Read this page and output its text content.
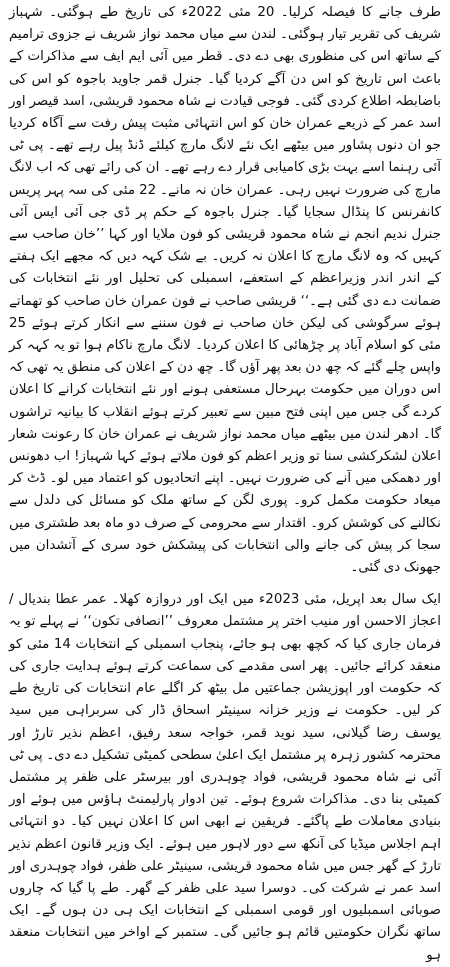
طرف جانے کا فیصلہ کرلیا۔ 20 مئی 2022ء کی تاریخ طے ہوگئی۔ شہباز شریف کی تقریر تیار ہوگئی۔ لندن سے میاں محمد نواز شریف نے جزوی ترامیم کے ساتھ اس کی منظوری بھی دے دی۔ قطر میں آئی ایم ایف سے مذاکرات کے باعث اس تاریخ کو اس دن آگے کردیا گیا۔ جنرل قمر جاوید باجوہ کو اس کی باضابطہ اطلاع کردی گئی۔ فوجی قیادت نے شاہ محمود قریشی، اسد قیصر اور اسد عمر کے ذریعے عمران خان کو اس انتہائی مثبت پیش رفت سے آگاہ کردیا جو ان دنوں پشاور میں بیٹھے ایک نئے لانگ مارچ کیلئے ڈنڈ پیل رہے تھے۔ پی ٹی آئی رہنما اسے بہت بڑی کامیابی قرار دے رہے تھے۔ ان کی رائے تھی کہ اب لانگ مارچ کی ضرورت نہیں رہی۔ عمران خان نہ مانے۔ 22 مئی کی سہ پہر پریس کانفرنس کا پنڈال سجایا گیا۔ جنرل باجوہ کے حکم پر ڈی جی آئی ایس آئی جنرل ندیم انجم نے شاہ محمود قریشی کو فون ملایا اور کہا ’’خان صاحب سے کہیں کہ وہ لانگ مارچ کا اعلان نہ کریں۔ بے شک کہہ دیں کہ مجھے ایک ہفتے کے اندر اندر وزیراعظم کے استعفے، اسمبلی کی تحلیل اور نئے انتخابات کی ضمانت دے دی گئی ہے۔‘‘ قریشی صاحب نے فون عمران خان صاحب کو تھماتے ہوئے سرگوشی کی لیکن خان صاحب نے فون سننے سے انکار کرتے ہوئے 25 مئی کو اسلام آباد پر چڑھائی کا اعلان کردیا۔ لانگ مارچ ناکام ہوا تو یہ کہہ کر واپس چلے گئے کہ چھ دن بعد پھر آؤں گا۔ چھ دن کے اعلان کی منطق یہ تھی کہ اس دوران میں حکومت بہرحال مستعفی ہونے اور نئے انتخابات کرانے کا اعلان کردے گی جس میں اپنی فتح مبین سے تعبیر کرتے ہوئے انقلاب کا بیانیہ تراشوں گا۔ ادھر لندن میں بیٹھے میاں محمد نواز شریف نے عمران خان کا رعونت شعار اعلان لشکرکشی سنا تو وزیر اعظم کو فون ملاتے ہوئے کہا شہباز! اب دھونس اور دھمکی میں آنے کی ضرورت نہیں۔ اپنے اتحادیوں کو اعتماد میں لو۔ ڈٹ کر میعاد حکومت مکمل کرو۔ پوری لگن کے ساتھ ملک کو مسائل کی دلدل سے نکالنے کی کوشش کرو۔ اقتدار سے محرومی کے صرف دو ماہ بعد طشتری میں سجا کر پیش کی جانے والی انتخابات کی پیشکش خود سری کے آتشدان میں جھونک دی گئی۔

ایک سال بعد اپریل، مئی 2023ء میں ایک اور دروازہ کھلا۔ عمر عطا بندیال / اعجاز الاحسن اور منیب اختر پر مشتمل معروف ’’انصافی تکون‘‘ نے پہلے تو یہ فرمان جاری کیا کہ کچھ بھی ہو جائے، پنجاب اسمبلی کے انتخابات 14 مئی کو منعقد کرائے جائیں۔ پھر اسی مقدمے کی سماعت کرتے ہوئے ہدایت جاری کی کہ حکومت اور اپوزیشن جماعتیں مل بیٹھ کر اگلے عام انتخابات کی تاریخ طے کر لیں۔ حکومت نے وزیر خزانہ سینیٹر اسحاق ڈار کی سربراہی میں سید یوسف رضا گیلانی، سید نوید قمر، خواجہ سعد رفیق، اعظم نذیر تارڑ اور محترمہ کشور زہرہ پر مشتمل ایک اعلیٰ سطحی کمیٹی تشکیل دے دی۔ پی ٹی آئی نے شاہ محمود قریشی، فواد چوہدری اور بیرسٹر علی ظفر پر مشتمل کمیٹی بنا دی۔ مذاکرات شروع ہوئے۔ تین ادوار پارلیمنٹ ہاؤس میں ہوئے اور بنیادی معاملات طے پاگئے۔ فریقین نے ابھی اس کا اعلان نہیں کیا۔ دو انتہائی اہم اجلاس میڈیا کی آنکھ سے دور لاہور میں ہوئے۔ ایک وزیر قانون اعظم نذیر تارڑ کے گھر جس میں شاہ محمود قریشی، سینیٹر علی ظفر، فواد چوہدری اور اسد عمر نے شرکت کی۔ دوسرا سید علی ظفر کے گھر۔ طے پا گیا کہ چاروں صوبائی اسمبلیوں اور قومی اسمبلی کے انتخابات ایک ہی دن ہوں گے۔ ایک ساتھ نگران حکومتیں قائم ہو جائیں گی۔ ستمبر کے اواخر میں انتخابات منعقد ہو
